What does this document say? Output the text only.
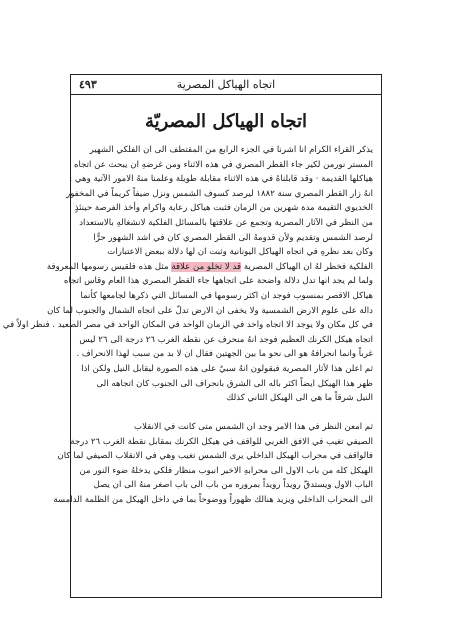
٤٩٣	اتجاه الهياكل المصرية
اتجاه الهياكل المصريّة
يذكر القراء الكرام انا اشرنا في الجزء الرابع من المقتطف الى ان الفلكي الشهير
المستر نورمن لكير جاء القطر المصري في هذه الاثناء ومن غرضهِ ان يبحث عن اتجاه
هياكلها القديمة · وقد قابلناهُ في هذه الاثناء مقابلة طويلة وعلمنا منهُ الامور الآتية وهي :
انهُ زار القطر المصري سنة ١٨٨٢ ليرصد كسوف الشمس ونزل ضيفاً كريماً في المخفور
الخديوي التقيمة مدة شهرين من الزمان فثبت هياكل رعاية واكرام وأخذ الفرصة حينئذٍ
من النظر في الآثار المصرية وتجمع عن علاقتها بالمسائل الفلكية لانشغالهِ بالاستعداد
لرصد الشمس وتقديم ولأن قدومهُ الى القطر المصري كان في اشد الشهور حرًّا
وكان بعد نظرهِ في اتجاه الهياكل اليونانية وثبت ان لها دلالة ببعض الاعتبارات
الفلكية فخطر لهُ ان الهياكل المصرية قد لا تخلو من علاقة مثل هذه فلقيس رسومها المعروفة
ولما لم يجد انها تدل دلالة واضحة على اتجاهها جاء القطر المصري هذا العام وقاس اتجاه
هياكل الاقصر بمنسوب فوجد ان اكثر رسومها في المسائل التي ذكرها لجامعها كأنما
دالة على علوم الارض الشمسية ولا يخفى ان الارض تدلّ على اتجاه الشمال والجنوب لما كان
في كل مكان ولا يوجد الا اتجاه واحد في الزمان الواحد في المكان الواحد في مصر الصعيد . فنظر اولاً في
اتجاه هيكل الكرنك العظيم فوجد انهُ منحرف عن نقطة الغرب ٢٦ درجة الى ٢٦ ليس
غرباً وانما انحرافهُ هو الى نحو ما بين الجهتين فقال ان لا بد من سبب لهذا الانحراف .
ثم اعلن هذا لأثار المصرية فبقولون انهُ سبيٌ على هذه الصورة ليقابل النيل ولكن اذا
ظهر هذا الهيكل ايضاً اكثر باله الى الشرق بانحراف الى الجنوب كان اتجاهه الى
النيل شرقاً ما هي الى الهيكل الثاني كذلك
ثم امعن النظر في هذا الامر وجد ان الشمس متى كانت في الانقلاب
الصيفي تغيب في الافق الغربي للواقف في هيكل الكرنك بمقابل نقطة الغرب ٢٦ درجة
فالواقف في محراب الهيكل الداخلي يرى الشمس تغيب وهي في الانقلاب الصيفي لما كان
الهيكل كله من باب الاول الى محرابهِ الاخير انبوب منظار فلكي يدخلهُ ضوء النور من
الباب الاول ويستدقّ رويداً رويداً بمروره من باب الى باب اصغر منهُ الى ان يصل
الى المحراب الداخلي ويزيد هنالك ظهوراً ووضوحاً بما في داخل الهيكل من الظلمة الدامسة
